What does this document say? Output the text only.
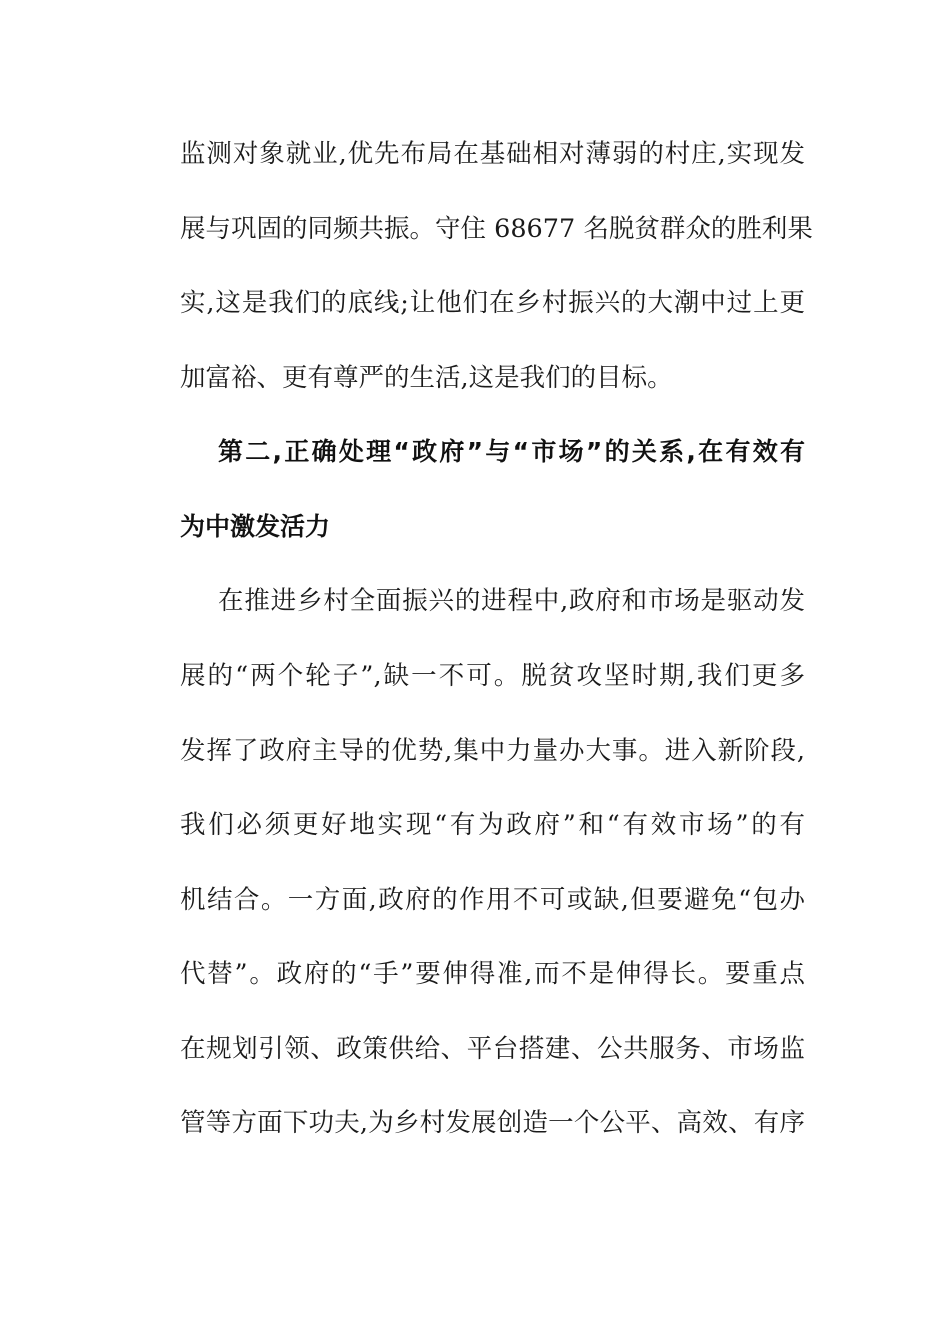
监测对象就业,优先布局在基础相对薄弱的村庄,实现发
展与巩固的同频共振。守住 68677 名脱贫群众的胜利果
实,这是我们的底线;让他们在乡村振兴的大潮中过上更
加富裕、更有尊严的生活,这是我们的目标。
第二,正确处理“政府”与“市场”的关系,在有效有
为中激发活力
在推进乡村全面振兴的进程中,政府和市场是驱动发
展的“两个轮子”,缺一不可。脱贫攻坚时期,我们更多
发挥了政府主导的优势,集中力量办大事。进入新阶段,
我们必须更好地实现“有为政府”和“有效市场”的有
机结合。一方面,政府的作用不可或缺,但要避免“包办
代替”。政府的“手”要伸得准,而不是伸得长。要重点
在规划引领、政策供给、平台搭建、公共服务、市场监
管等方面下功夫,为乡村发展创造一个公平、高效、有序
